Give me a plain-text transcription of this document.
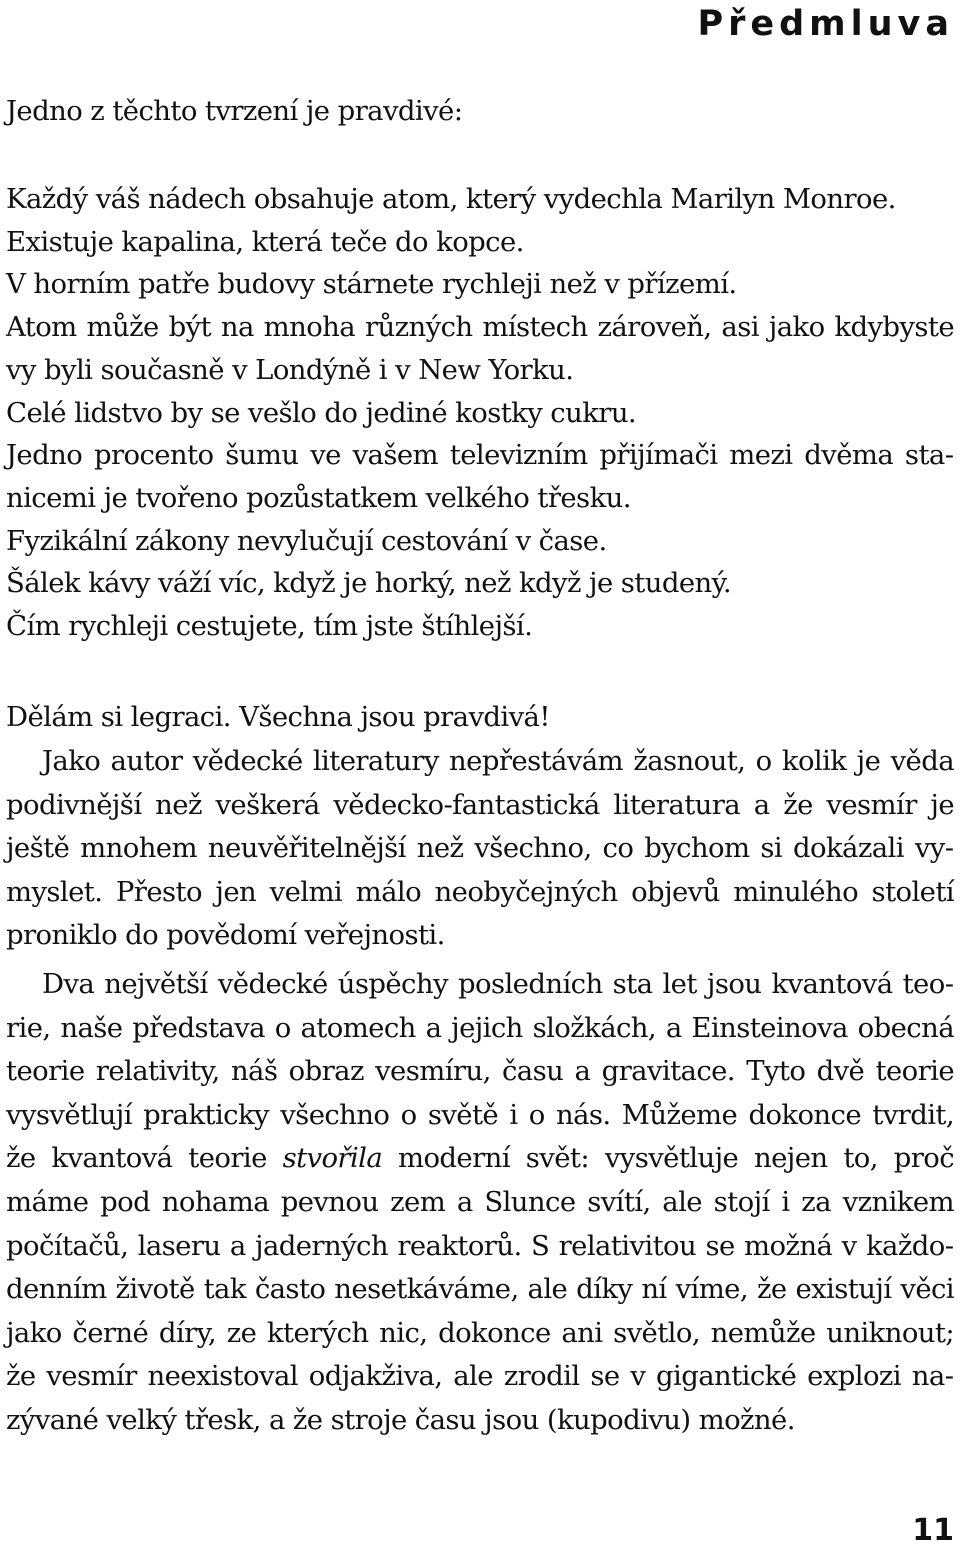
Předmluva
Jedno z těchto tvrzení je pravdivé:
Každý váš nádech obsahuje atom, který vydechla Marilyn Monroe.
Existuje kapalina, která teče do kopce.
V horním patře budovy stárnete rychleji než v přízemí.
Atom může být na mnoha různých místech zároveň, asi jako kdybyste vy byli současně v Londýně i v New Yorku.
Celé lidstvo by se vešlo do jediné kostky cukru.
Jedno procento šumu ve vašem televizním přijímači mezi dvěma stanicemi je tvořeno pozůstatkem velkého třesku.
Fyzikální zákony nevylučují cestování v čase.
Šálek kávy váží víc, když je horký, než když je studený.
Čím rychleji cestujete, tím jste štíhlejší.
Dělám si legraci. Všechna jsou pravdivá!

Jako autor vědecké literatury nepřestávám žasnout, o kolik je věda podivnější než veškerá vědecko-fantastická literatura a že vesmír je ještě mnohem neuvěřitelnější než všechno, co bychom si dokázali vymyslet. Přesto jen velmi málo neobyčejných objevů minulého století proniklo do povědomí veřejnosti.

Dva největší vědecké úspěchy posledních sta let jsou kvantová teorie, naše představa o atomech a jejich složkách, a Einsteinova obecná teorie relativity, náš obraz vesmíru, času a gravitace. Tyto dvě teorie vysvětlují prakticky všechno o světě i o nás. Můžeme dokonce tvrdit, že kvantová teorie stvořila moderní svět: vysvětluje nejen to, proč máme pod nohama pevnou zem a Slunce svítí, ale stojí i za vznikem počítačů, laseru a jaderných reaktorů. S relativitou se možná v každodenním životě tak často nesetkáváme, ale díky ní víme, že existují věci jako černé díry, ze kterých nic, dokonce ani světlo, nemůže uniknout; že vesmír neexistoval odjakživa, ale zrodil se v gigantické explozi nazývané velký třesk, a že stroje času jsou (kupodivu) možné.

11
